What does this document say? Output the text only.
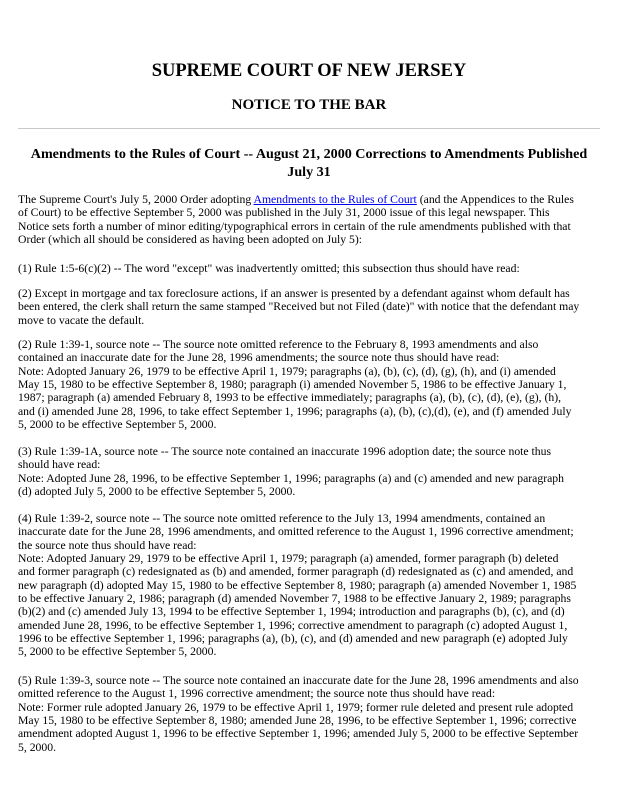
SUPREME COURT OF NEW JERSEY
NOTICE TO THE BAR
Amendments to the Rules of Court -- August 21, 2000 Corrections to Amendments Published
July 31
The Supreme Court's July 5, 2000 Order adopting Amendments to the Rules of Court (and the Appendices to the Rules
of Court) to be effective September 5, 2000 was published in the July 31, 2000 issue of this legal newspaper. This
Notice sets forth a number of minor editing/typographical errors in certain of the rule amendments published with that
Order (which all should be considered as having been adopted on July 5):
(1) Rule 1:5-6(c)(2) -- The word "except" was inadvertently omitted; this subsection thus should have read:
(2) Except in mortgage and tax foreclosure actions, if an answer is presented by a defendant against whom default has
been entered, the clerk shall return the same stamped "Received but not Filed (date)" with notice that the defendant may
move to vacate the default.
(2) Rule 1:39-1, source note -- The source note omitted reference to the February 8, 1993 amendments and also
contained an inaccurate date for the June 28, 1996 amendments; the source note thus should have read:
Note: Adopted January 26, 1979 to be effective April 1, 1979; paragraphs (a), (b), (c), (d), (g), (h), and (i) amended
May 15, 1980 to be effective September 8, 1980; paragraph (i) amended November 5, 1986 to be effective January 1,
1987; paragraph (a) amended February 8, 1993 to be effective immediately; paragraphs (a), (b), (c), (d), (e), (g), (h),
and (i) amended June 28, 1996, to take effect September 1, 1996; paragraphs (a), (b), (c),(d), (e), and (f) amended July
5, 2000 to be effective September 5, 2000.
(3) Rule 1:39-1A, source note -- The source note contained an inaccurate 1996 adoption date; the source note thus
should have read:
Note: Adopted June 28, 1996, to be effective September 1, 1996; paragraphs (a) and (c) amended and new paragraph
(d) adopted July 5, 2000 to be effective September 5, 2000.
(4) Rule 1:39-2, source note -- The source note omitted reference to the July 13, 1994 amendments, contained an
inaccurate date for the June 28, 1996 amendments, and omitted reference to the August 1, 1996 corrective amendment;
the source note thus should have read:
Note: Adopted January 29, 1979 to be effective April 1, 1979; paragraph (a) amended, former paragraph (b) deleted
and former paragraph (c) redesignated as (b) and amended, former paragraph (d) redesignated as (c) and amended, and
new paragraph (d) adopted May 15, 1980 to be effective September 8, 1980; paragraph (a) amended November 1, 1985
to be effective January 2, 1986; paragraph (d) amended November 7, 1988 to be effective January 2, 1989; paragraphs
(b)(2) and (c) amended July 13, 1994 to be effective September 1, 1994; introduction and paragraphs (b), (c), and (d)
amended June 28, 1996, to be effective September 1, 1996; corrective amendment to paragraph (c) adopted August 1,
1996 to be effective September 1, 1996; paragraphs (a), (b), (c), and (d) amended and new paragraph (e) adopted July
5, 2000 to be effective September 5, 2000.
(5) Rule 1:39-3, source note -- The source note contained an inaccurate date for the June 28, 1996 amendments and also
omitted reference to the August 1, 1996 corrective amendment; the source note thus should have read:
Note: Former rule adopted January 26, 1979 to be effective April 1, 1979; former rule deleted and present rule adopted
May 15, 1980 to be effective September 8, 1980; amended June 28, 1996, to be effective September 1, 1996; corrective
amendment adopted August 1, 1996 to be effective September 1, 1996; amended July 5, 2000 to be effective September
5, 2000.
